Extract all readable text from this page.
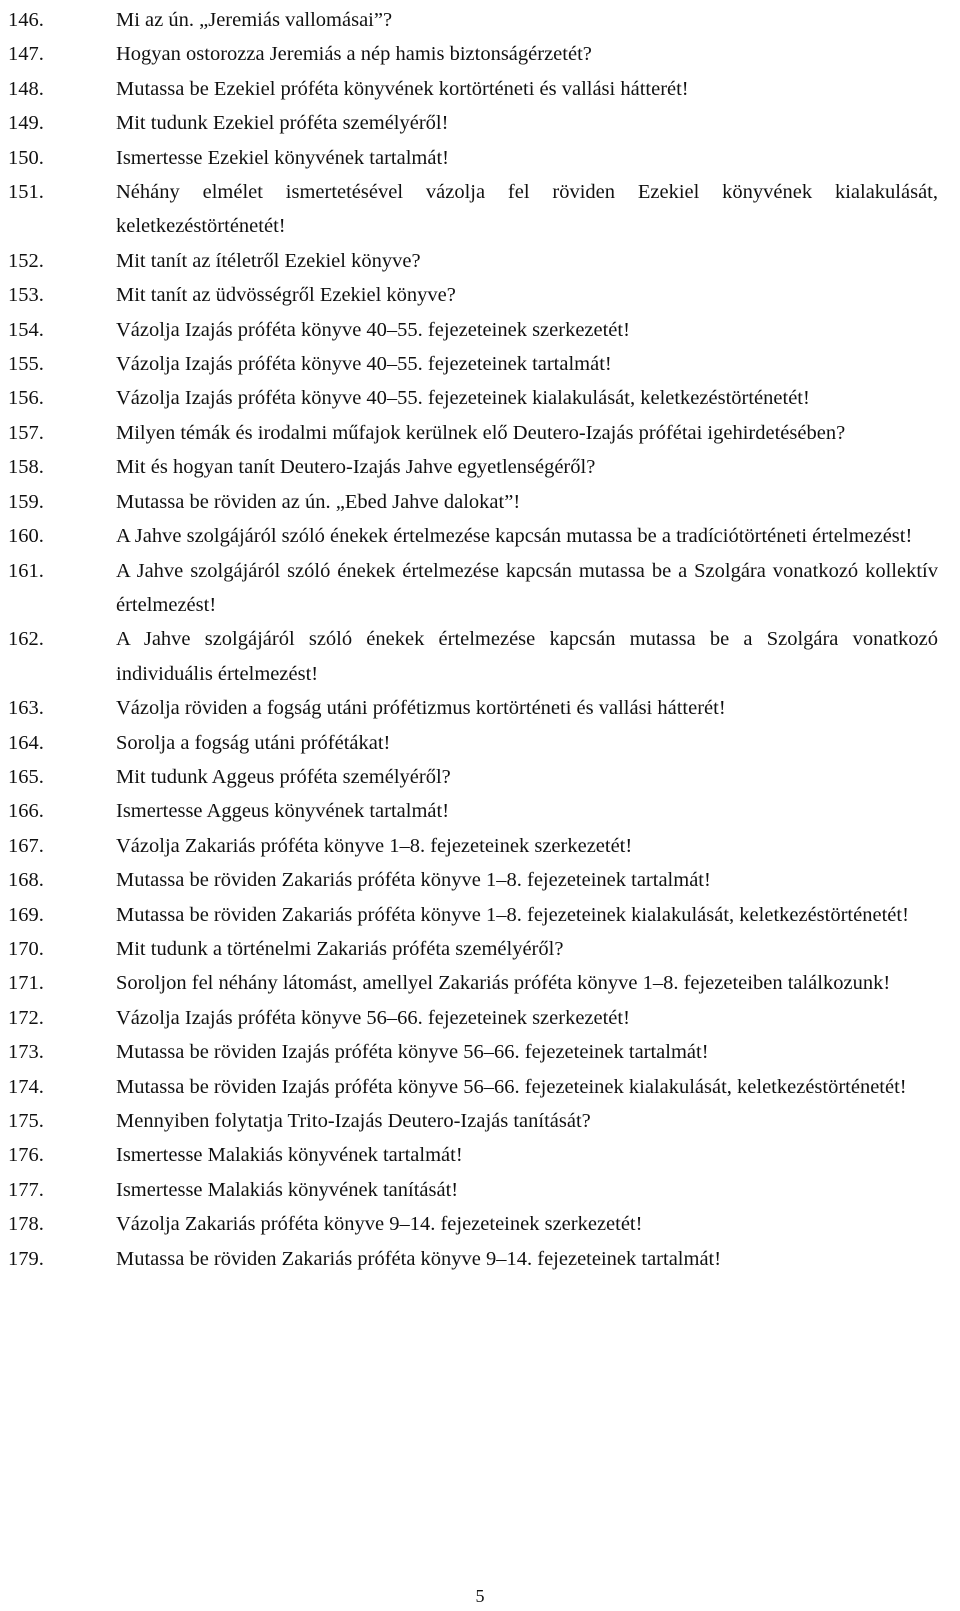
146.	Mi az ún. „Jeremiás vallomásai”?
147.	Hogyan ostorozza Jeremiás a nép hamis biztonságérzetét?
148.	Mutassa be Ezekiel próféta könyvének kortörténeti és vallási hátterét!
149.	Mit tudunk Ezekiel próféta személyéről!
150.	Ismertesse Ezekiel könyvének tartalmát!
151.	Néhány elmélet ismertetésével vázolja fel röviden Ezekiel könyvének kialakulását, keletkezéstörténetét!
152.	Mit tanít az ítéletről Ezekiel könyve?
153.	Mit tanít az üdvösségről Ezekiel könyve?
154.	Vázolja Izajás próféta könyve 40–55. fejezeteinek szerkezetét!
155.	Vázolja Izajás próféta könyve 40–55. fejezeteinek tartalmát!
156.	Vázolja Izajás próféta könyve 40–55. fejezeteinek kialakulását, keletkezéstörténetét!
157.	Milyen témák és irodalmi műfajok kerülnek elő Deutero-Izajás prófétai igehirdetésében?
158.	Mit és hogyan tanít Deutero-Izajás Jahve egyetlenségéről?
159.	Mutassa be röviden az ún. „Ebed Jahve dalokat”!
160.	A Jahve szolgájáról szóló énekek értelmezése kapcsán mutassa be a tradíciótörténeti értelmezést!
161.	A Jahve szolgájáról szóló énekek értelmezése kapcsán mutassa be a Szolgára vonatkozó kollektív értelmezést!
162.	A Jahve szolgájáról szóló énekek értelmezése kapcsán mutassa be a Szolgára vonatkozó individuális értelmezést!
163.	Vázolja röviden a fogság utáni prófétizmus kortörténeti és vallási hátterét!
164.	Sorolja a fogság utáni prófétákat!
165.	Mit tudunk Aggeus próféta személyéről?
166.	Ismertesse Aggeus könyvének tartalmát!
167.	Vázolja Zakariás próféta könyve 1–8. fejezeteinek szerkezetét!
168.	Mutassa be röviden Zakariás próféta könyve 1–8. fejezeteinek tartalmát!
169.	Mutassa be röviden Zakariás próféta könyve 1–8. fejezeteinek kialakulását, keletkezéstörténetét!
170.	Mit tudunk a történelmi Zakariás próféta személyéről?
171.	Soroljon fel néhány látomást, amellyel Zakariás próféta könyve 1–8. fejezeteiben találkozunk!
172.	Vázolja Izajás próféta könyve 56–66. fejezeteinek szerkezetét!
173.	Mutassa be röviden Izajás próféta könyve 56–66. fejezeteinek tartalmát!
174.	Mutassa be röviden Izajás próféta könyve 56–66. fejezeteinek kialakulását, keletkezéstörténetét!
175.	Mennyiben folytatja Trito-Izajás Deutero-Izajás tanítását?
176.	Ismertesse Malakiás könyvének tartalmát!
177.	Ismertesse Malakiás könyvének tanítását!
178.	Vázolja Zakariás próféta könyve 9–14. fejezeteinek szerkezetét!
179.	Mutassa be röviden Zakariás próféta könyve 9–14. fejezeteinek tartalmát!
5
